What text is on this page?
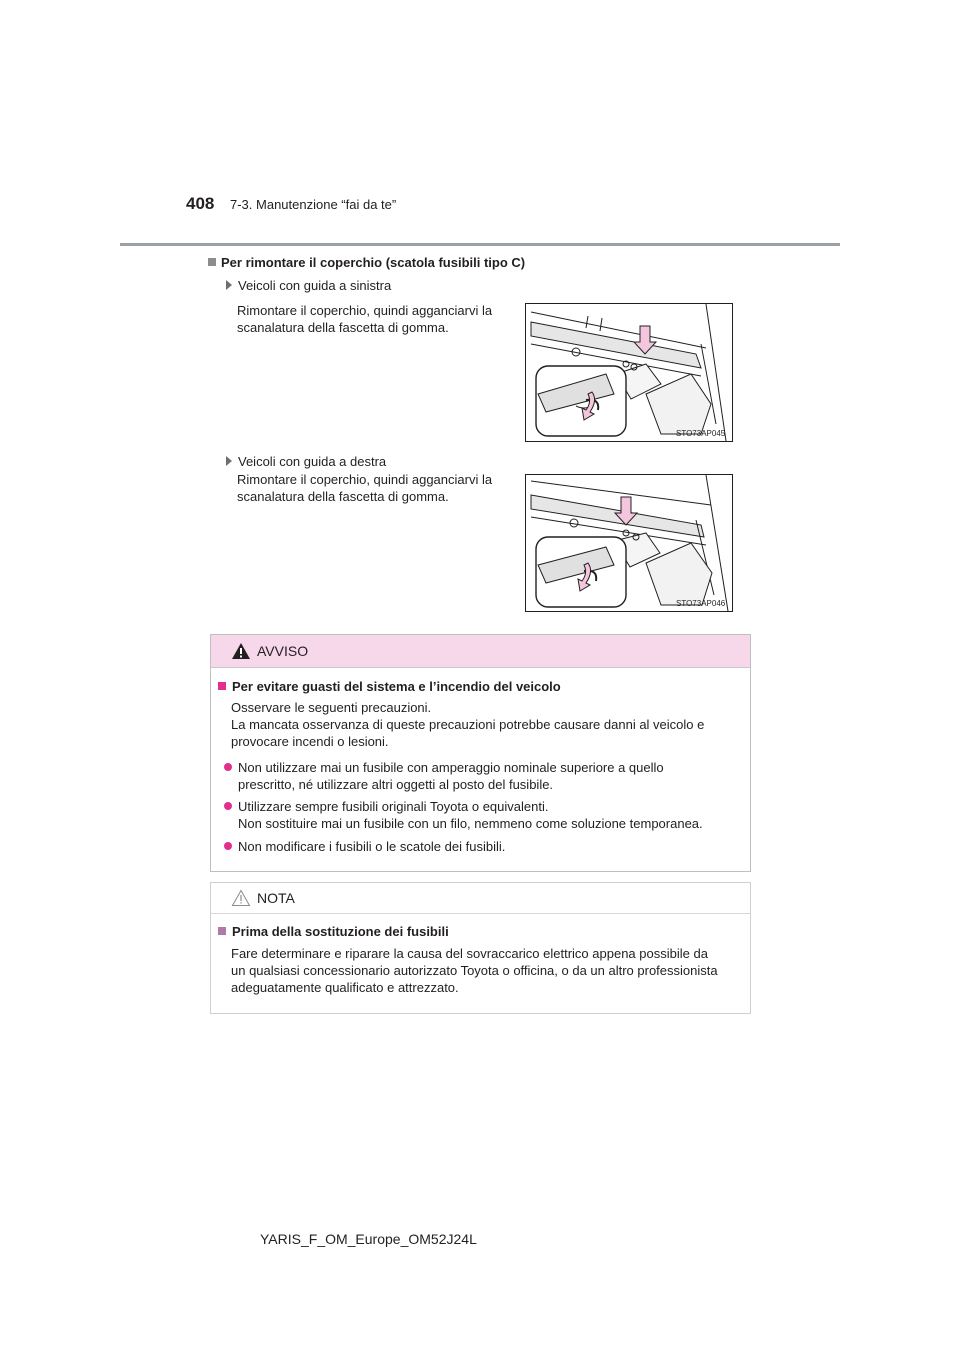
408 7-3. Manutenzione “fai da te”
Per rimontare il coperchio (scatola fusibili tipo C)
Veicoli con guida a sinistra
Rimontare il coperchio, quindi agganciarvi la
scanalatura della fascetta di gomma.
STO73AP045
Veicoli con guida a destra
Rimontare il coperchio, quindi agganciarvi la
scanalatura della fascetta di gomma.
STO73AP046
AVVISO
Per evitare guasti del sistema e l’incendio del veicolo
Osservare le seguenti precauzioni.
La mancata osservanza di queste precauzioni potrebbe causare danni al veicolo e
provocare incendi o lesioni.
Non utilizzare mai un fusibile con amperaggio nominale superiore a quello
prescritto, né utilizzare altri oggetti al posto del fusibile.
Utilizzare sempre fusibili originali Toyota o equivalenti.
Non sostituire mai un fusibile con un filo, nemmeno come soluzione temporanea.
Non modificare i fusibili o le scatole dei fusibili.
NOTA
Prima della sostituzione dei fusibili
Fare determinare e riparare la causa del sovraccarico elettrico appena possibile da
un qualsiasi concessionario autorizzato Toyota o officina, o da un altro professionista
adeguatamente qualificato e attrezzato.
YARIS_F_OM_Europe_OM52J24L
